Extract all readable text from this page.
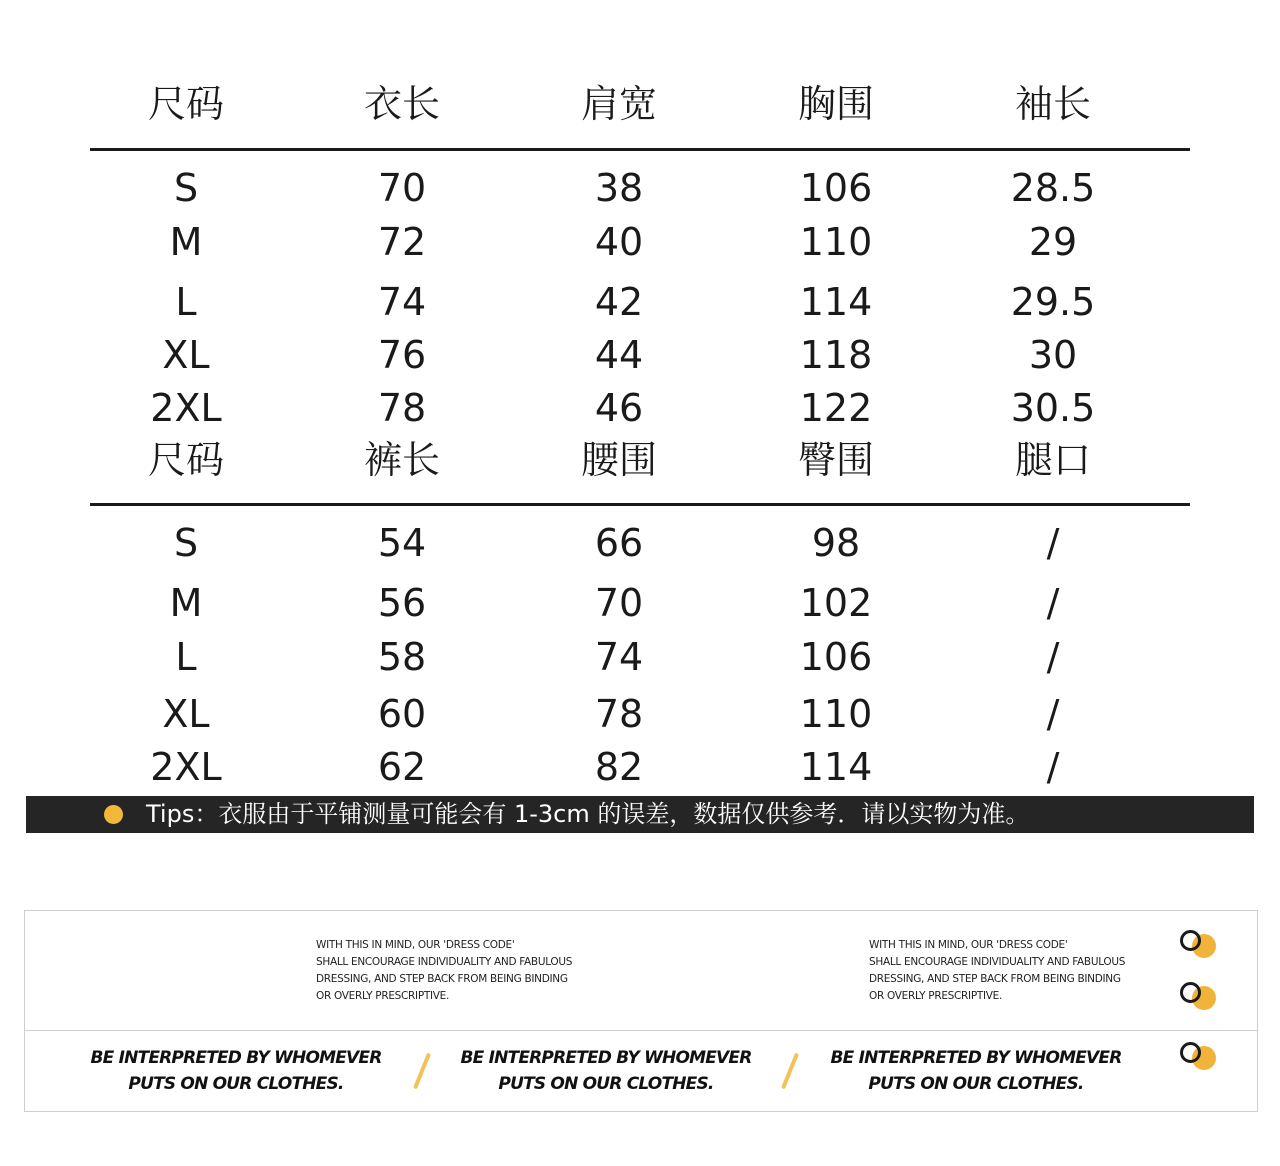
尺码	衣长	肩宽	胸围	袖长
S	70	38	106	28.5
M	72	40	110	29
L	74	42	114	29.5
XL	76	44	118	30
2XL	78	46	122	30.5
尺码	裤长	腰围	臀围	腿口
S	54	66	98	/
M	56	70	102	/
L	58	74	106	/
XL	60	78	110	/
2XL	62	82	114	/
Tips：衣服由于平铺测量可能会有 1-3cm 的误差，数据仅供参考．请以实物为准。
WITH THIS IN MIND, OUR 'DRESS CODE'
SHALL ENCOURAGE INDIVIDUALITY AND FABULOUS
DRESSING, AND STEP BACK FROM BEING BINDING
OR OVERLY PRESCRIPTIVE.
WITH THIS IN MIND, OUR 'DRESS CODE'
SHALL ENCOURAGE INDIVIDUALITY AND FABULOUS
DRESSING, AND STEP BACK FROM BEING BINDING
OR OVERLY PRESCRIPTIVE.
BE INTERPRETED BY WHOMEVER
PUTS ON OUR CLOTHES.
BE INTERPRETED BY WHOMEVER
PUTS ON OUR CLOTHES.
BE INTERPRETED BY WHOMEVER
PUTS ON OUR CLOTHES.
